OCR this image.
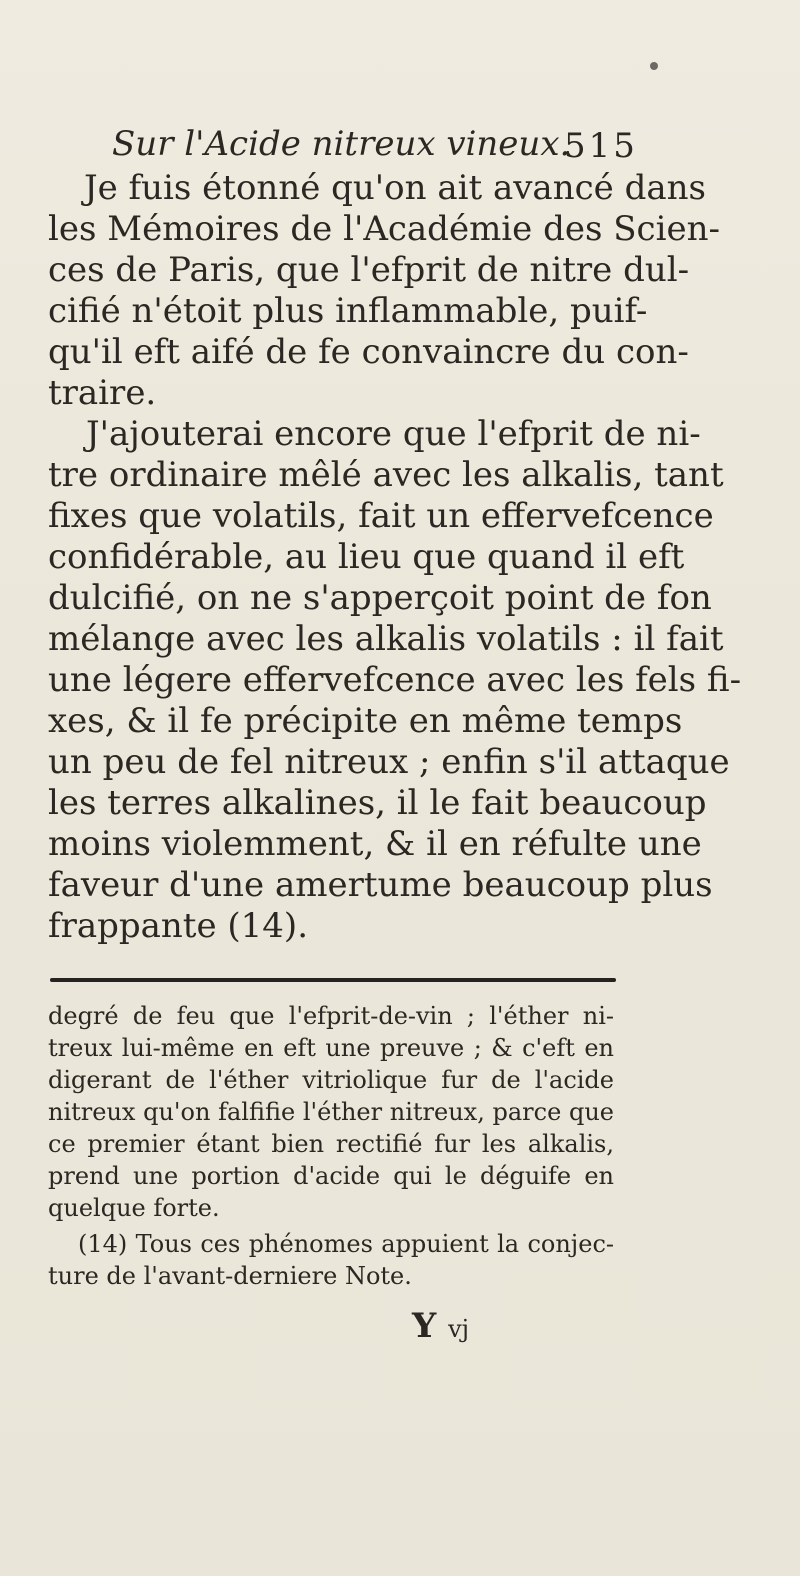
Sur l'Acide nitreux vineux.
515

Je fuis étonné qu'on ait avancé dans
les Mémoires de l'Académie des Scien-
ces de Paris, que l'efprit de nitre dul-
cifié n'étoit plus inflammable, puif-
qu'il eft aifé de fe convaincre du con-
traire.

J'ajouterai encore que l'efprit de ni-
tre ordinaire mêlé avec les alkalis, tant
fixes que volatils, fait un effervefcence
confidérable, au lieu que quand il eft
dulcifié, on ne s'apperçoit point de fon
mélange avec les alkalis volatils : il fait
une légere effervefcence avec les fels fi-
xes, & il fe précipite en même temps
un peu de fel nitreux ; enfin s'il attaque
les terres alkalines, il le fait beaucoup
moins violemment, & il en réfulte une
faveur d'une amertume beaucoup plus
frappante (14).

degré de feu que l'efprit-de-vin ; l'éther ni-
treux lui-même en eft une preuve ; & c'eft en
digerant de l'éther vitriolique fur de l'acide
nitreux qu'on falfifie l'éther nitreux, parce que
ce premier étant bien rectifié fur les alkalis,
prend une portion d'acide qui le déguife en
quelque forte.

(14) Tous ces phénomes appuient la conjec-
ture de l'avant-derniere Note.

Y vj
